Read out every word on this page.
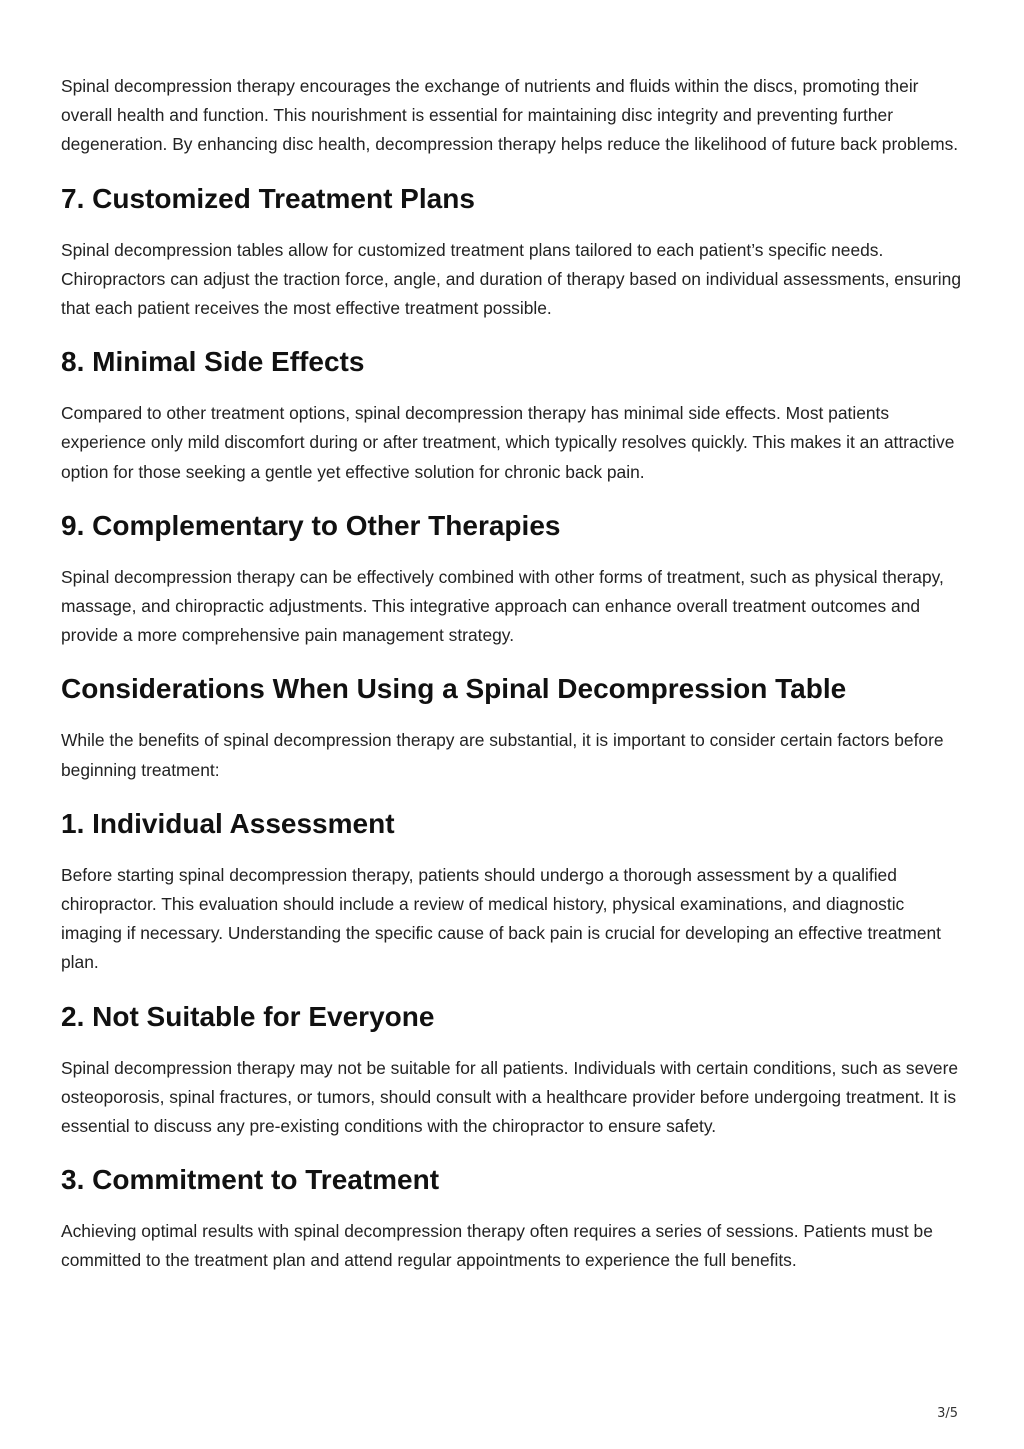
Spinal decompression therapy encourages the exchange of nutrients and fluids within the discs, promoting their overall health and function. This nourishment is essential for maintaining disc integrity and preventing further degeneration. By enhancing disc health, decompression therapy helps reduce the likelihood of future back problems.

7. Customized Treatment Plans

Spinal decompression tables allow for customized treatment plans tailored to each patient’s specific needs. Chiropractors can adjust the traction force, angle, and duration of therapy based on individual assessments, ensuring that each patient receives the most effective treatment possible.

8. Minimal Side Effects

Compared to other treatment options, spinal decompression therapy has minimal side effects. Most patients experience only mild discomfort during or after treatment, which typically resolves quickly. This makes it an attractive option for those seeking a gentle yet effective solution for chronic back pain.

9. Complementary to Other Therapies

Spinal decompression therapy can be effectively combined with other forms of treatment, such as physical therapy, massage, and chiropractic adjustments. This integrative approach can enhance overall treatment outcomes and provide a more comprehensive pain management strategy.

Considerations When Using a Spinal Decompression Table

While the benefits of spinal decompression therapy are substantial, it is important to consider certain factors before beginning treatment:

1. Individual Assessment

Before starting spinal decompression therapy, patients should undergo a thorough assessment by a qualified chiropractor. This evaluation should include a review of medical history, physical examinations, and diagnostic imaging if necessary. Understanding the specific cause of back pain is crucial for developing an effective treatment plan.

2. Not Suitable for Everyone

Spinal decompression therapy may not be suitable for all patients. Individuals with certain conditions, such as severe osteoporosis, spinal fractures, or tumors, should consult with a healthcare provider before undergoing treatment. It is essential to discuss any pre-existing conditions with the chiropractor to ensure safety.

3. Commitment to Treatment

Achieving optimal results with spinal decompression therapy often requires a series of sessions. Patients must be committed to the treatment plan and attend regular appointments to experience the full benefits.

3/5
